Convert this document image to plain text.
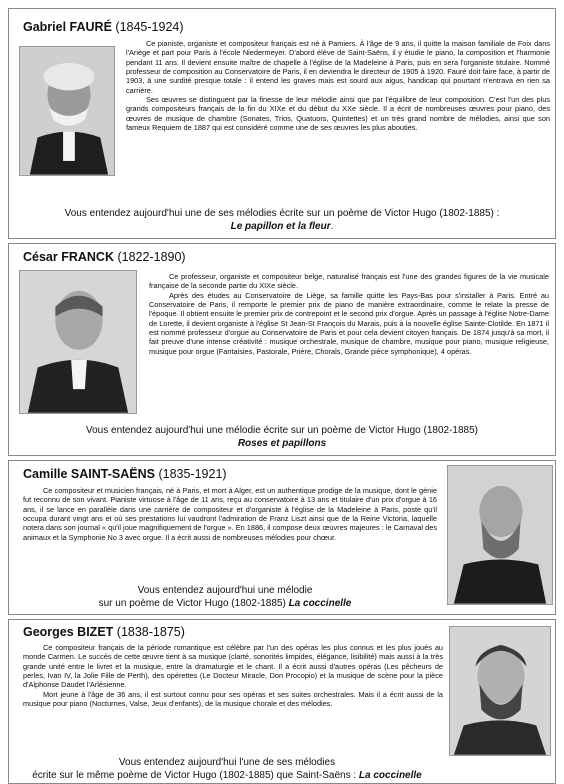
Gabriel FAURÉ (1845-1924)

Ce pianiste, organiste et compositeur français est né à Pamiers. À l'âge de 9 ans, il quitte la maison familiale de Foix dans l'Ariège et part pour Paris à l'école Niedermeyer. D'abord élève de Saint-Saëns, il y étudie le piano, la composition et l'harmonie pendant 11 ans. Il devient ensuite maître de chapelle à l'église de la Madeleine à Paris, puis en sera l'organiste titulaire. Nommé professeur de composition au Conservatoire de Paris, il en deviendra le directeur de 1905 à 1920. Fauré doit faire face, à partir de 1903, à une surdité presque totale : il entend les graves mais est sourd aux aigus, handicap qui pourtant n'entrava en rien sa carrière.

Ses œuvres se distinguent par la finesse de leur mélodie ainsi que par l'équilibre de leur composition. C'est l'un des plus grands compositeurs français de la fin du XIXe et du début du XXe siècle. Il a écrit de nombreuses œuvres pour piano, des œuvres de musique de chambre (Sonates, Trios, Quatuors, Quintettes) et un très grand nombre de mélodies, ainsi que son fameux Requiem de 1887 qui est considéré comme une de ses œuvres les plus abouties.

Vous entendez aujourd'hui une de ses mélodies écrite sur un poème de Victor Hugo (1802-1885) :
Le papillon et la fleur.
César FRANCK (1822-1890)

Ce professeur, organiste et compositeur belge, naturalisé français est l'une des grandes figures de la vie musicale française de la seconde partie du XIXe siècle.

Après des études au Conservatoire de Liège, sa famille quitte les Pays-Bas pour s'installer à Paris. Entré au Conservatoire de Paris, il remporte le premier prix de piano de manière extraordinaire, comme le relate la presse de l'époque. Il obtient ensuite le premier prix de contrepoint et le second prix d'orgue. Après un passage à l'église Notre-Dame de Lorette, il devient organiste à l'église St Jean-St François du Marais, puis à la nouvelle église Sainte-Clotilde. En 1871 il est nommé professeur d'orgue au Conservatoire de Paris et pour cela devient citoyen français. De 1874 jusqu'à sa mort, il fait preuve d'une intense créativité : musique orchestrale, musique de chambre, musique pour piano, musique religieuse, musique pour orgue (Fantaisies, Pastorale, Prière, Chorals, Grande pièce symphonique), 4 opéras.

Vous entendez aujourd'hui une mélodie écrite sur un poème de Victor Hugo (1802-1885)
Roses et papillons
Camille SAINT-SAËNS (1835-1921)

Ce compositeur et musicien français, né à Paris, et mort à Alger, est un authentique prodige de la musique, dont le génie fut reconnu de son vivant. Pianiste virtuose à l'âge de 11 ans, reçu au conservatoire à 13 ans et titulaire d'un prix d'orgue à 16 ans, il se lance en parallèle dans une carrière de compositeur et d'organiste à l'église de la Madeleine à Paris, poste qu'il occupa durant vingt ans et où ses prestations lui vaudront l'admiration de Franz Liszt ainsi que de la Reine Victoria, laquelle notera dans son journal « qu'il joue magnifiquement de l'orgue ». En 1886, il compose deux œuvres majeures : le Carnaval des animaux et la Symphonie No 3 avec orgue. Il a écrit aussi de nombreuses mélodies pour chœur.

Vous entendez aujourd'hui une mélodie
sur un poème de Victor Hugo (1802-1885) La coccinelle
Georges BIZET (1838-1875)

Ce compositeur français de la période romantique est célèbre par l'un des opéras les plus connus et les plus joués au monde Carmen. Le succès de cette œuvre tient à sa musique (clarté, sonorités limpides, élégance, lisibilité) mais aussi à la très grande unité entre le livret et la musique, entre la dramaturgie et le chant. Il a écrit aussi d'autres opéras (Les pêcheurs de perles, Ivan IV, la Jolie Fille de Perth), des opérettes (Le Docteur Miracle, Don Procopio) et la musique de scène pour la pièce d'Alphonse Daudet l'Arlésienne.

Mort jeune à l'âge de 36 ans, il est surtout connu pour ses opéras et ses suites orchestrales. Mais il a écrit aussi de la musique pour piano (Nocturnes, Valse, Jeux d'enfants), de la musique chorale et des mélodies.

Vous entendez aujourd'hui l'une de ses mélodies
écrite sur le même poème de Victor Hugo (1802-1885) que Saint-Saëns : La coccinelle
